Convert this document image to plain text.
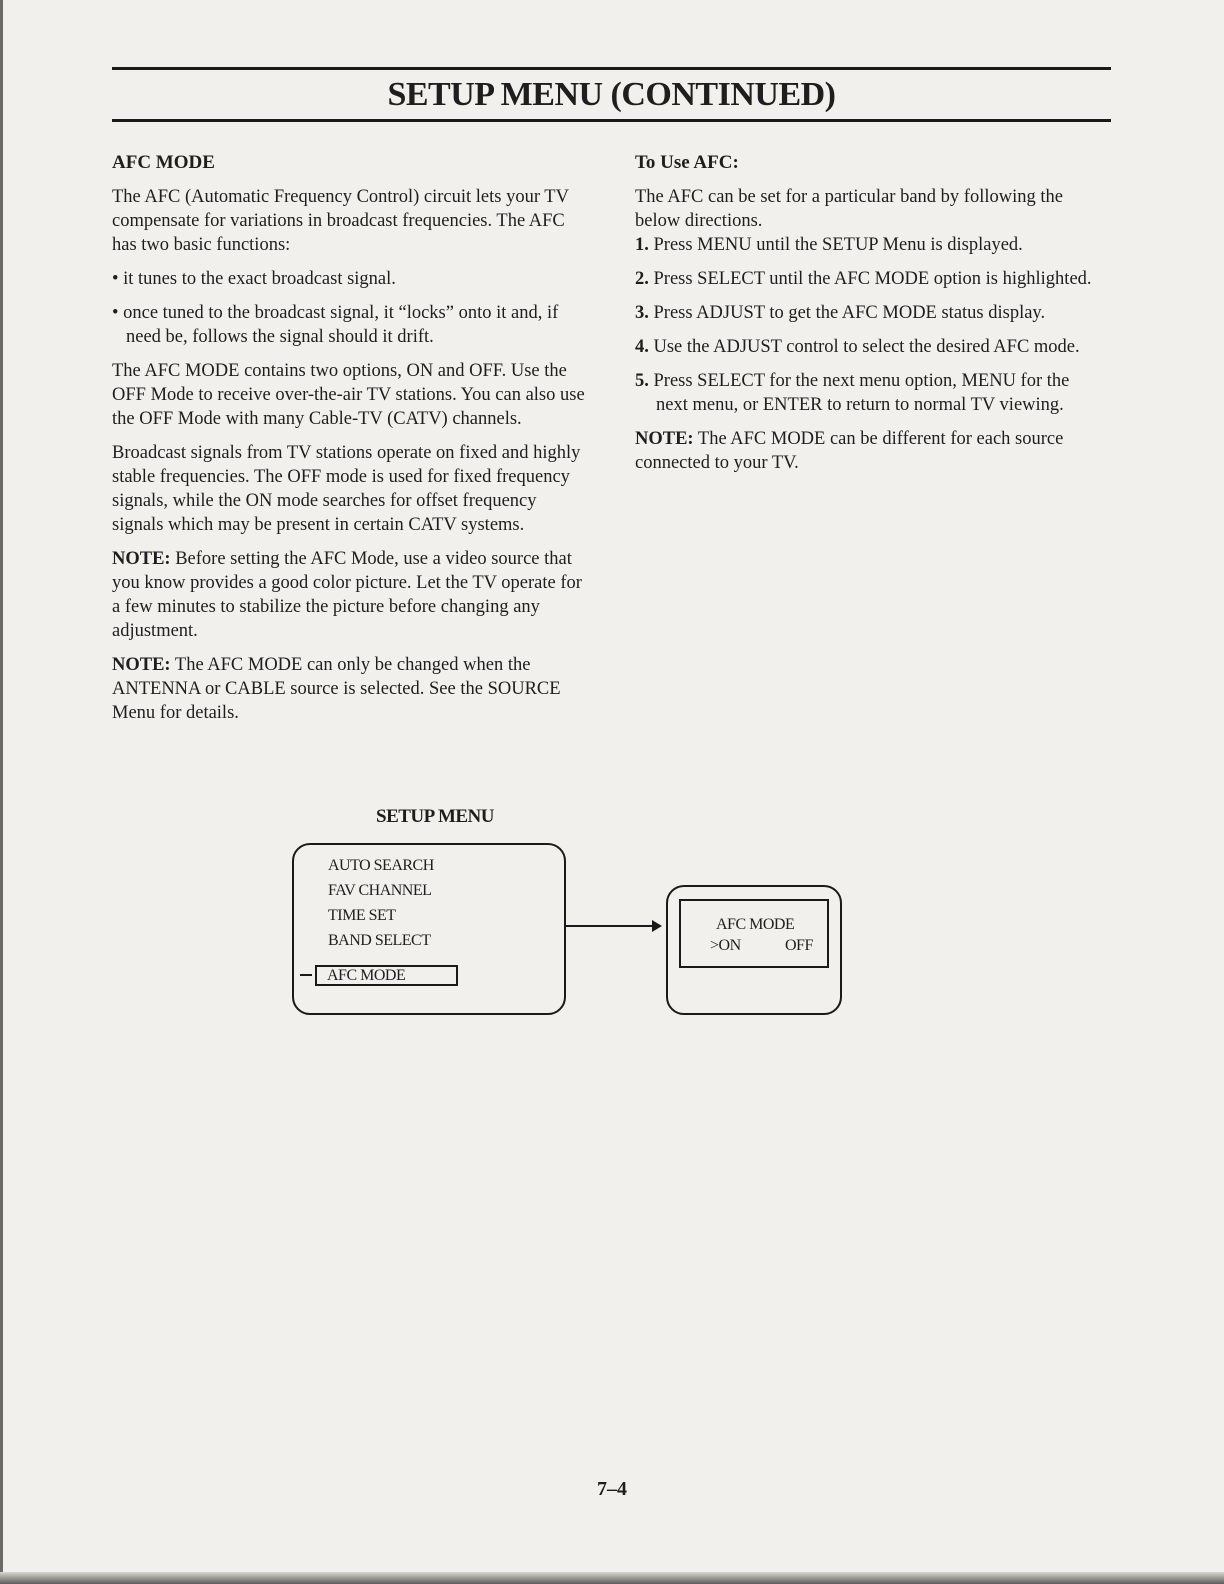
SETUP MENU (CONTINUED)

AFC MODE

The AFC (Automatic Frequency Control) circuit lets your TV compensate for variations in broadcast frequencies. The AFC has two basic functions:

• it tunes to the exact broadcast signal.

• once tuned to the broadcast signal, it “locks” onto it and, if need be, follows the signal should it drift.

The AFC MODE contains two options, ON and OFF. Use the OFF Mode to receive over-the-air TV stations. You can also use the OFF Mode with many Cable-TV (CATV) channels.

Broadcast signals from TV stations operate on fixed and highly stable frequencies. The OFF mode is used for fixed frequency signals, while the ON mode searches for offset frequency signals which may be present in certain CATV systems.

NOTE: Before setting the AFC Mode, use a video source that you know provides a good color picture. Let the TV operate for a few minutes to stabilize the picture before changing any adjustment.

NOTE: The AFC MODE can only be changed when the ANTENNA or CABLE source is selected. See the SOURCE Menu for details.

To Use AFC:

The AFC can be set for a particular band by following the below directions.

1. Press MENU until the SETUP Menu is displayed.

2. Press SELECT until the AFC MODE option is highlighted.

3. Press ADJUST to get the AFC MODE status display.

4. Use the ADJUST control to select the desired AFC mode.

5. Press SELECT for the next menu option, MENU for the next menu, or ENTER to return to normal TV viewing.

NOTE: The AFC MODE can be different for each source connected to your TV.

SETUP MENU
AUTO SEARCH
FAV CHANNEL
TIME SET
BAND SELECT
AFC MODE
AFC MODE
>ON	OFF
7–4
